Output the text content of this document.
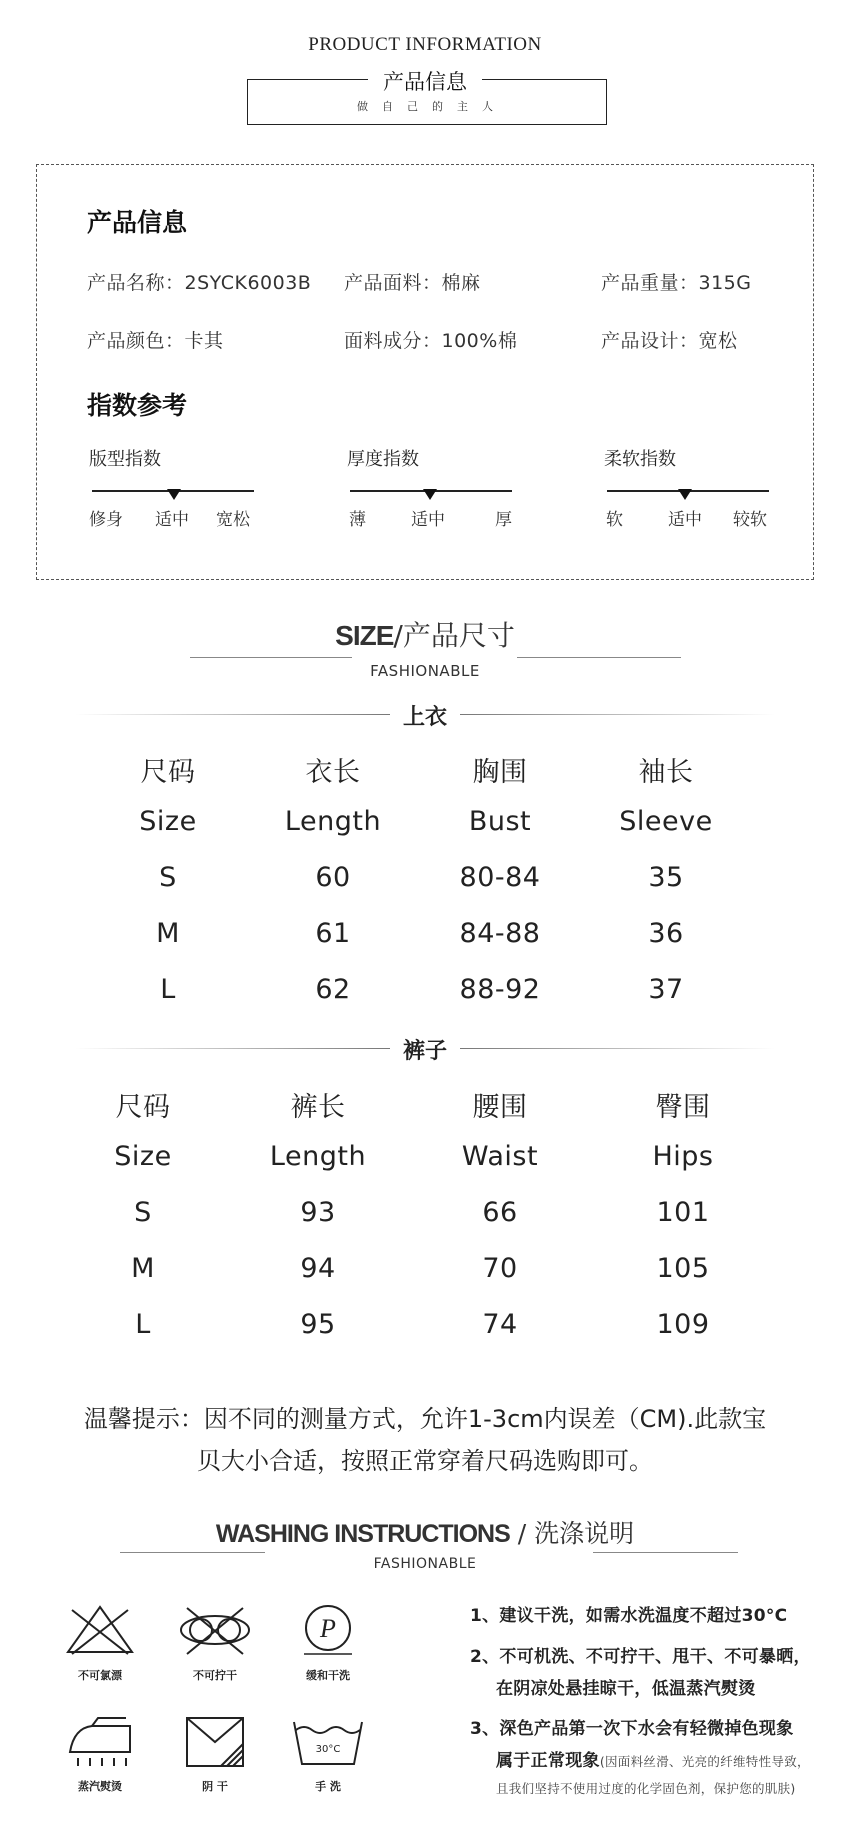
PRODUCT INFORMATION
产品信息
做自己的主人
产品信息
产品名称：2SYCK6003B 产品面料：棉麻	产品重量：315G
产品颜色：卡其	面料成分：100%棉	产品设计：宽松
指数参考
版型指数
修身 适中 宽松
厚度指数
薄	适中	厚
柔软指数
软	适中 较软
SIZE/产品尺寸
FASHIONABLE
上衣
尺码	衣长	胸围	袖长
Size	Length	Bust	Sleeve
S	60	80-84	35
M	61	84-88	36
L	62	88-92	37
裤子
尺码	裤长	腰围	臀围
Size	Length	Waist	Hips
S	93	66	101
M	94	70	105
L	95	74	109
温馨提示：因不同的测量方式，允许1-3cm内误差（CM).此款宝
贝大小合适，按照正常穿着尺码选购即可。
WASHING INSTRUCTIONS / 洗涤说明
FASHIONABLE
不可氯漂	不可拧干
P
缓和干洗
蒸汽熨烫	阴 干
30°C
手 洗
1、建议干洗，如需水洗温度不超过30°C
2、不可机洗、不可拧干、甩干、不可暴晒，
在阴凉处悬挂晾干，低温蒸汽熨烫
3、深色产品第一次下水会有轻微掉色现象
属于正常现象(因面料丝滑、光亮的纤维特性导致，
且我们坚持不使用过度的化学固色剂，保护您的肌肤)
